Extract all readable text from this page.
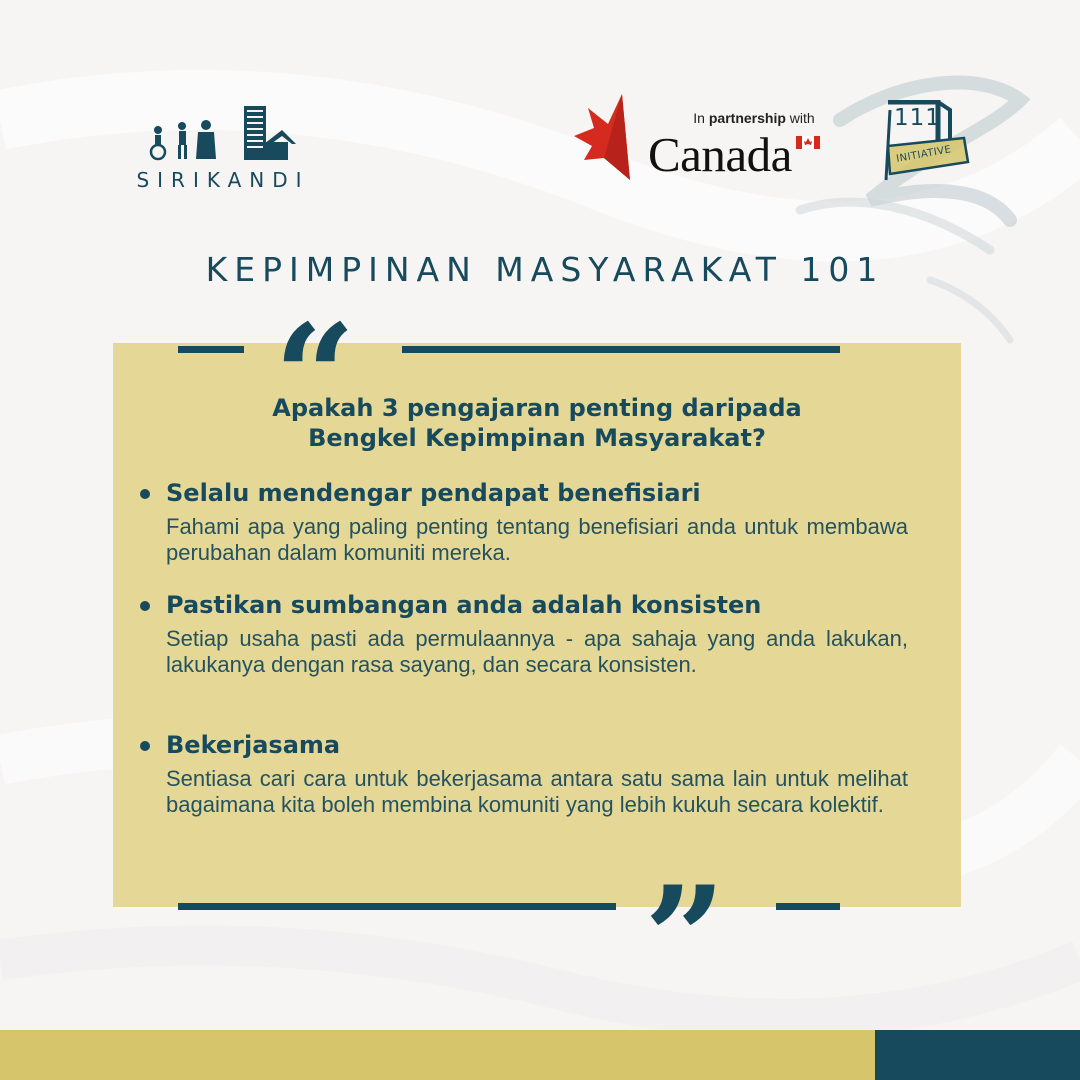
SIRIKANDI
In partnership with
Canada
111
INITIATIVE
KEPIMPINAN MASYARAKAT 101
“
Apakah 3 pengajaran penting daripada
Bengkel Kepimpinan Masyarakat?
Selalu mendengar pendapat benefisiari
Fahami apa yang paling penting tentang benefisiari anda untuk membawa perubahan dalam komuniti mereka.
Pastikan sumbangan anda adalah konsisten
Setiap usaha pasti ada permulaannya - apa sahaja yang anda lakukan, lakukanya dengan rasa sayang, dan secara konsisten.
Bekerjasama
Sentiasa cari cara untuk bekerjasama antara satu sama lain untuk melihat bagaimana kita boleh membina komuniti yang lebih kukuh secara kolektif.
”
